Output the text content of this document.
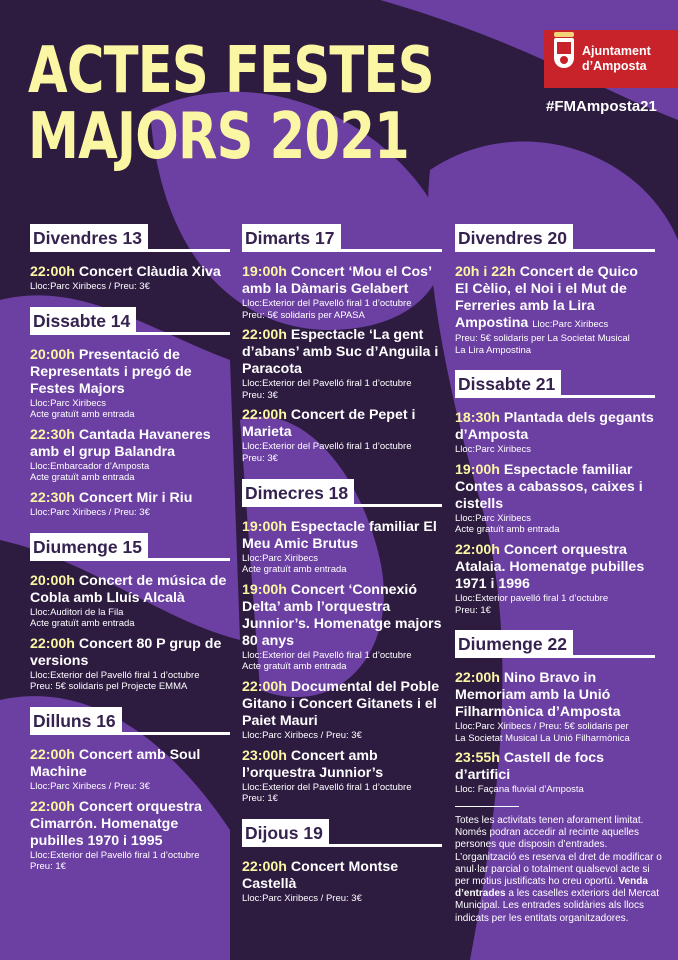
ACTES FESTES
MAJORS 2021
Ajuntament
d’Amposta
#FMAmposta21
Divendres 13
22:00h Concert Clàudia Xiva
Lloc:Parc Xiribecs / Preu: 3€
Dissabte 14
20:00h Presentació de Representats i pregó de Festes Majors
Lloc:Parc Xiribecs
Acte gratuït amb entrada
22:30h Cantada Havaneres amb el grup Balandra
Lloc:Embarcador d’Amposta
Acte gratuït amb entrada
22:30h Concert Mir i Riu
Lloc:Parc Xiribecs / Preu: 3€
Diumenge 15
20:00h Concert de música de Cobla amb Lluís Alcalà
Lloc:Auditori de la Fila
Acte gratuït amb entrada
22:00h Concert 80 P grup de versions
Lloc:Exterior del Pavelló firal 1 d’octubre
Preu: 5€ solidaris pel Projecte EMMA
Dilluns 16
22:00h Concert amb Soul Machine
Lloc:Parc Xiribecs / Preu: 3€
22:00h Concert orquestra Cimarrón. Homenatge pubilles 1970 i 1995
Lloc:Exterior del Pavelló firal 1 d’octubre
Preu: 1€
Dimarts 17
19:00h Concert ‘Mou el Cos’ amb la Dàmaris Gelabert
Lloc:Exterior del Pavelló firal 1 d’octubre
Preu: 5€ solidaris per APASA
22:00h Espectacle ‘La gent d’abans’ amb Suc d’Anguila i Paracota
Lloc:Exterior del Pavelló firal 1 d’octubre
Preu: 3€
22:00h Concert de Pepet i Marieta
Lloc:Exterior del Pavelló firal 1 d’octubre
Preu: 3€
Dimecres 18
19:00h Espectacle familiar El Meu Amic Brutus
Lloc:Parc Xiribecs
Acte gratuït amb entrada
19:00h Concert ‘Connexió Delta’ amb l’orquestra Junnior’s. Homenatge majors 80 anys
Lloc:Exterior del Pavelló firal 1 d’octubre
Acte gratuït amb entrada
22:00h Documental del Poble Gitano i Concert Gitanets i el Paiet Mauri
Lloc:Parc Xiribecs / Preu: 3€
23:00h Concert amb l’orquestra Junnior’s
Lloc:Exterior del Pavelló firal 1 d’octubre
Preu: 1€
Dijous 19
22:00h Concert Montse Castellà
Lloc:Parc Xiribecs / Preu: 3€
Divendres 20
20h i 22h Concert de Quico El Cèlio, el Noi i el Mut de Ferreries amb la Lira Ampostina Lloc:Parc Xiribecs
Preu: 5€ solidaris per La Societat Musical
La Lira Ampostina
Dissabte 21
18:30h Plantada dels gegants d’Amposta
Lloc:Parc Xiribecs
19:00h Espectacle familiar Contes a cabassos, caixes i cistells
Lloc:Parc Xiribecs
Acte gratuït amb entrada
22:00h Concert orquestra Atalaia. Homenatge pubilles 1971 i 1996
Lloc:Exterior pavelló firal 1 d’octubre
Preu: 1€
Diumenge 22
22:00h Nino Bravo in Memoriam amb la Unió Filharmònica d’Amposta
Lloc:Parc Xiribecs / Preu: 5€ solidaris per
La Societat Musical La Unió Filharmònica
23:55h Castell de focs d’artifici
Lloc: Façana fluvial d’Amposta
Totes les activitats tenen aforament limitat. Només podran accedir al recinte aquelles persones que disposin d’entrades. L’organització es reserva el dret de modificar o anul·lar parcial o totalment qualsevol acte si per motius justificats ho creu oportú. Venda d’entrades a les caselles exteriors del Mercat Municipal. Les entrades solidàries als llocs indicats per les entitats organitzadores.
